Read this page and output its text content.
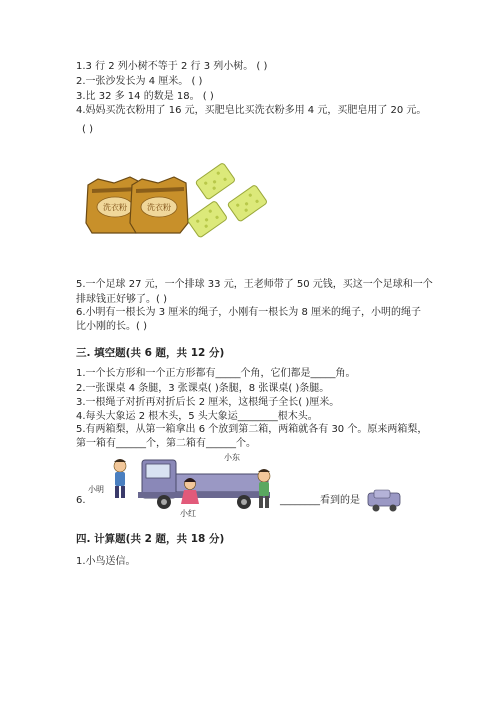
1.3 行 2 列小树不等于 2 行 3 列小树。 ( )
2.一张沙发长为 4 厘米。 ( )
3.比 32 多 14 的数是 18。 ( )
4.妈妈买洗衣粉用了 16 元，买肥皂比买洗衣粉多用 4 元，买肥皂用了 20 元。
( )
洗衣粉	洗衣粉
5.一个足球 27 元，一个排球 33 元，王老师带了 50 元钱，买这一个足球和一个
排球钱正好够了。( )
6.小明有一根长为 3 厘米的绳子，小刚有一根长为 8 厘米的绳子，小明的绳子
比小刚的长。( )
三. 填空题(共 6 题，共 12 分)
1.一个长方形和一个正方形都有_____个角，它们都是_____角。
2.一张课桌 4 条腿，3 张课桌( )条腿，8 张课桌( )条腿。
3.一根绳子对折再对折后长 2 厘米，这根绳子全长( )厘米。
4.每头大象运 2 根木头，5 头大象运________根木头。
5.有两箱梨，从第一箱拿出 6 个放到第二箱，两箱就各有 30 个。原来两箱梨，
第一箱有______个，第二箱有______个。
6.
小明
小红
小东
________看到的是
四. 计算题(共 2 题，共 18 分)
1.小鸟送信。
